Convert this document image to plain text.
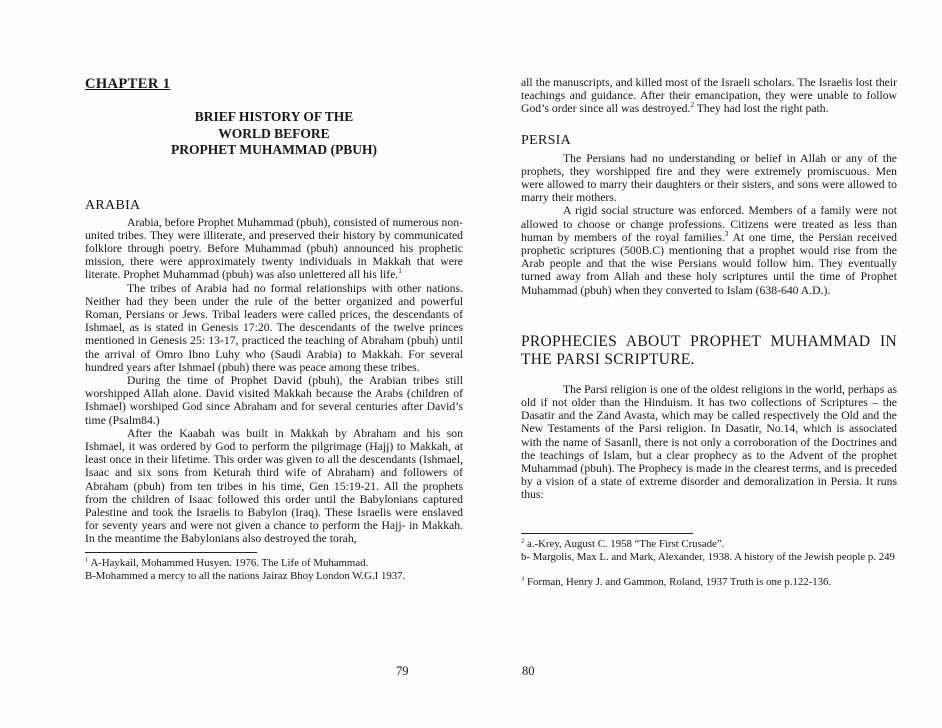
CHAPTER 1

BRIEF HISTORY OF THE
WORLD BEFORE
PROPHET MUHAMMAD (PBUH)

ARABIA

Arabia, before Prophet Muhammad (pbuh), consisted of numerous non-united tribes. They were illiterate, and preserved their history by communicated folklore through poetry. Before Muhammad (pbuh) announced his prophetic mission, there were approximately twenty individuals in Makkah that were literate. Prophet Muhammad (pbuh) was also unlettered all his life.$^1$

The tribes of Arabia had no formal relationships with other nations. Neither had they been under the rule of the better organized and powerful Roman, Persians or Jews. Tribal leaders were called prices, the descendants of Ishmael, as is stated in Genesis 17:20. The descendants of the twelve princes mentioned in Genesis 25: 13-17, practiced the teaching of Abraham (pbuh) until the arrival of Omro Ibno Luhy who (Saudi Arabia) to Makkah. For several hundred years after Ishmael (pbuh) there was peace among these tribes.

During the time of Prophet David (pbuh), the Arabian tribes still worshipped Allah alone. David visited Makkah because the Arabs (children of Ishmael) worshiped God since Abraham and for several centuries after David’s time (Psalm84.)

After the Kaabah was built in Makkah by Abraham and his son Ishmael, it was ordered by God to perform the pilgrimage (Hajj) to Makkah, at least once in their lifetime. This order was given to all the descendants (Ishmael, Isaac and six sons from Keturah third wife of Abraham) and followers of Abraham (pbuh) from ten tribes in his time, Gen 15:19-21. All the prophets from the children of Isaac followed this order until the Babylonians captured Palestine and took the Israelis to Babylon (Iraq). These Israelis were enslaved for seventy years and were not given a chance to perform the Hajj- in Makkah. In the meantime the Babylonians also destroyed the torah,

$^1$ A-Haykail, Mohammed Husyen. 1976. The Life of Muhammad.

B-Mohammed a mercy to all the nations Jairaz Bhoy London W.G.I 1937.

all the manuscripts, and killed most of the Israeli scholars. The Israelis lost their teachings and guidance. After their emancipation, they were unable to follow God’s order since all was destroyed.$^2$ They had lost the right path.

PERSIA

The Persians had no understanding or belief in Allah or any of the prophets, they worshipped fire and they were extremely promiscuous. Men were allowed to marry their daughters or their sisters, and sons were allowed to marry their mothers.

A rigid social structure was enforced. Members of a family were not allowed to choose or change professions. Citizens were treated as less than human by members of the royal families.$^3$ At one time, the Persian received prophetic scriptures (500B.C) mentioning that a prophet would rise from the Arab people and that the wise Persians would follow him. They eventually turned away from Allah and these holy scriptures until the time of Prophet Muhammad (pbuh) when they converted to Islam (638-640 A.D.).

PROPHECIES ABOUT PROPHET MUHAMMAD IN THE PARSI SCRIPTURE.

The Parsi religion is one of the oldest religions in the world, perhaps as old if not older than the Hinduism. It has two collections of Scriptures – the Dasatir and the Zand Avasta, which may be called respectively the Old and the New Testaments of the Parsi religion. In Dasatir, No.14, which is associated with the name of Sasanll, there is not only a corroboration of the Doctrines and the teachings of Islam, but a clear prophecy as to the Advent of the prophet Muhammad (pbuh). The Prophecy is made in the clearest terms, and is preceded by a vision of a state of extreme disorder and demoralization in Persia. It runs thus:

$^2$ a.-Krey, August C. 1958 “The First Crusade”.

b- Margolis, Max L. and Mark, Alexander, 1938. A history of the Jewish people p. 249

$^3$ Forman, Henry J. and Gammon, Roland, 1937 Truth is one p.122-136.

79	80
